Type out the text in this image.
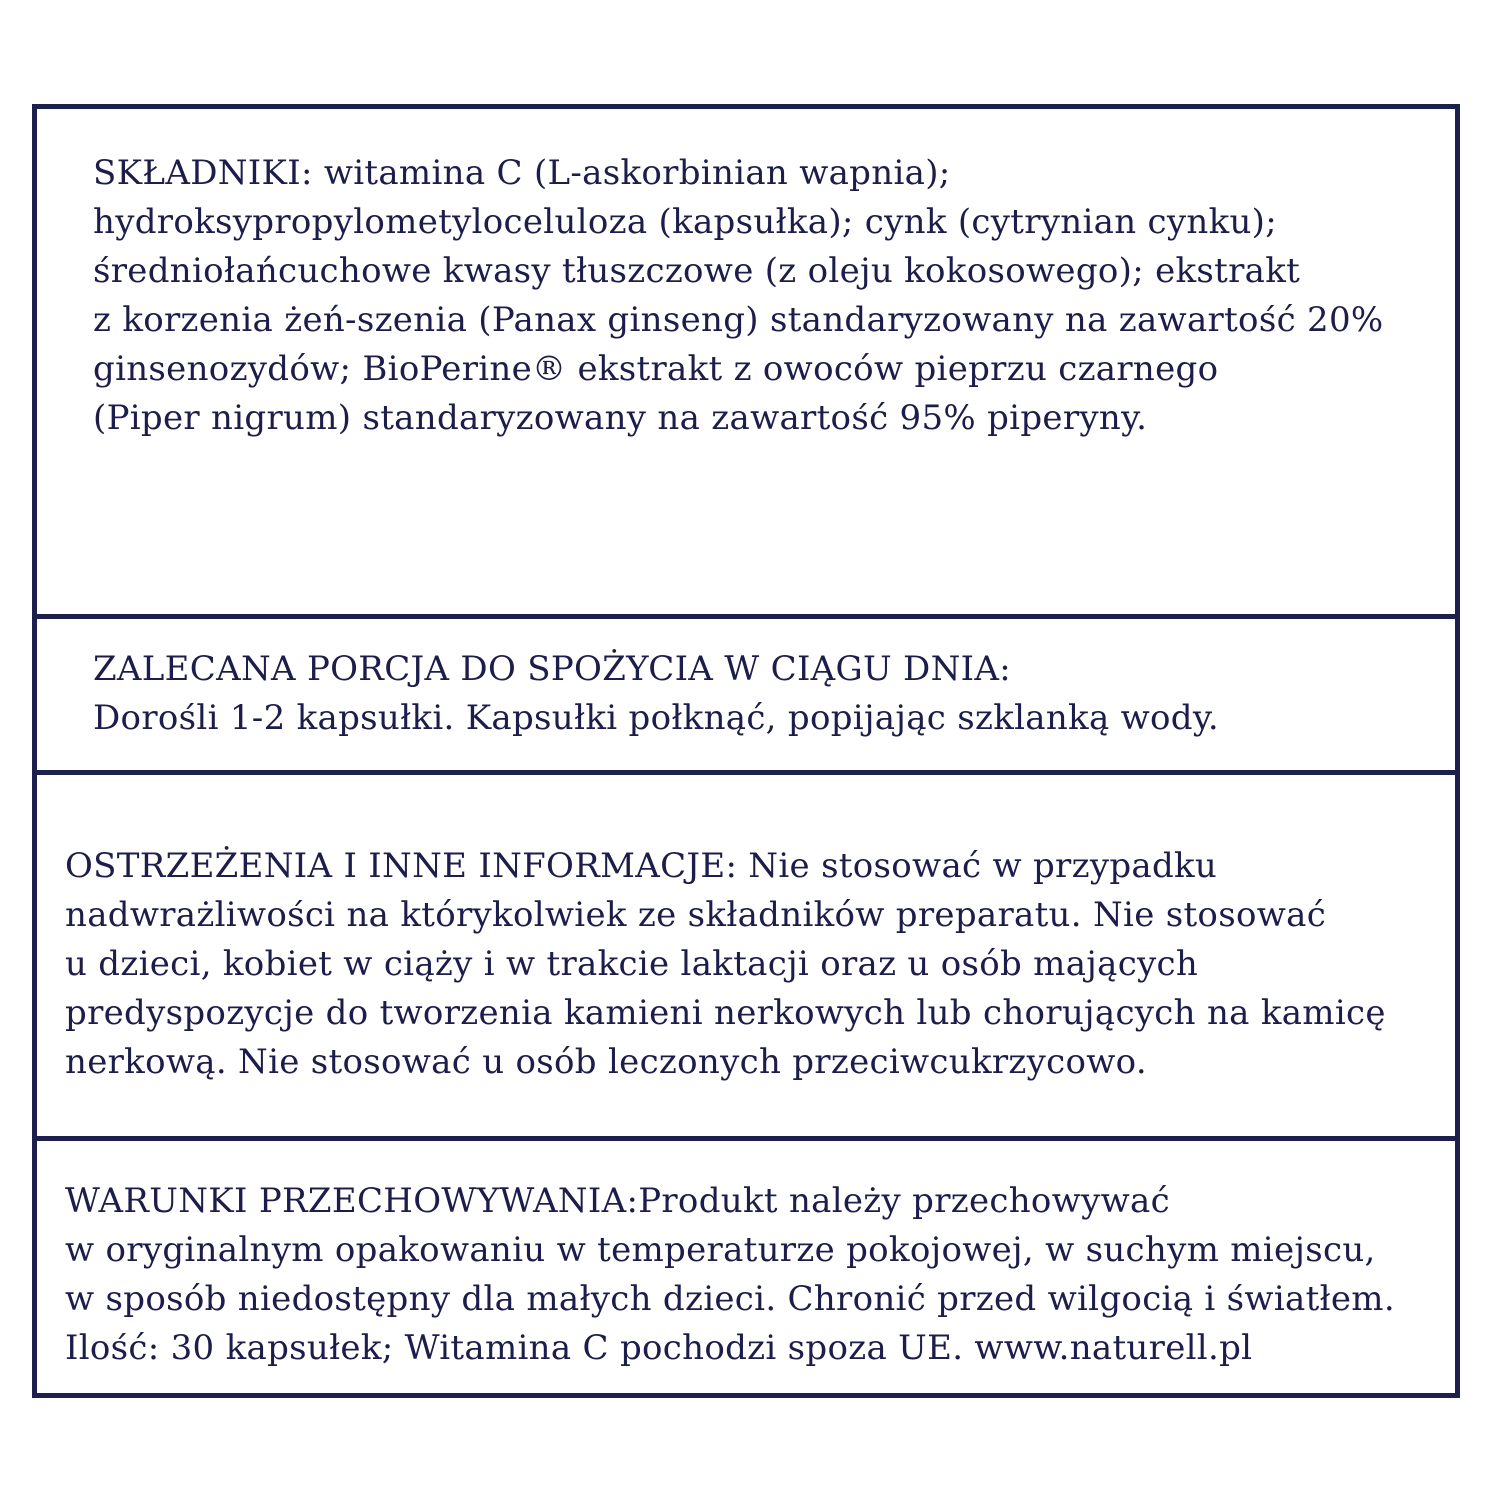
SKŁADNIKI: witamina C (L-askorbinian wapnia);
hydroksypropylometyloceluloza (kapsułka); cynk (cytrynian cynku);
średniołańcuchowe kwasy tłuszczowe (z oleju kokosowego); ekstrakt
z korzenia żeń-szenia (Panax ginseng) standaryzowany na zawartość 20%
ginsenozydów; BioPerine® ekstrakt z owoców pieprzu czarnego
(Piper nigrum) standaryzowany na zawartość 95% piperyny.

ZALECANA PORCJA DO SPOŻYCIA W CIĄGU DNIA:
Dorośli 1-2 kapsułki. Kapsułki połknąć, popijając szklanką wody.

OSTRZEŻENIA I INNE INFORMACJE: Nie stosować w przypadku
nadwrażliwości na którykolwiek ze składników preparatu. Nie stosować
u dzieci, kobiet w ciąży i w trakcie laktacji oraz u osób mających
predyspozycje do tworzenia kamieni nerkowych lub chorujących na kamicę
nerkową. Nie stosować u osób leczonych przeciwcukrzycowo.

WARUNKI PRZECHOWYWANIA:Produkt należy przechowywać
w oryginalnym opakowaniu w temperaturze pokojowej, w suchym miejscu,
w sposób niedostępny dla małych dzieci. Chronić przed wilgocią i światłem.
Ilość: 30 kapsułek; Witamina C pochodzi spoza UE. www.naturell.pl
